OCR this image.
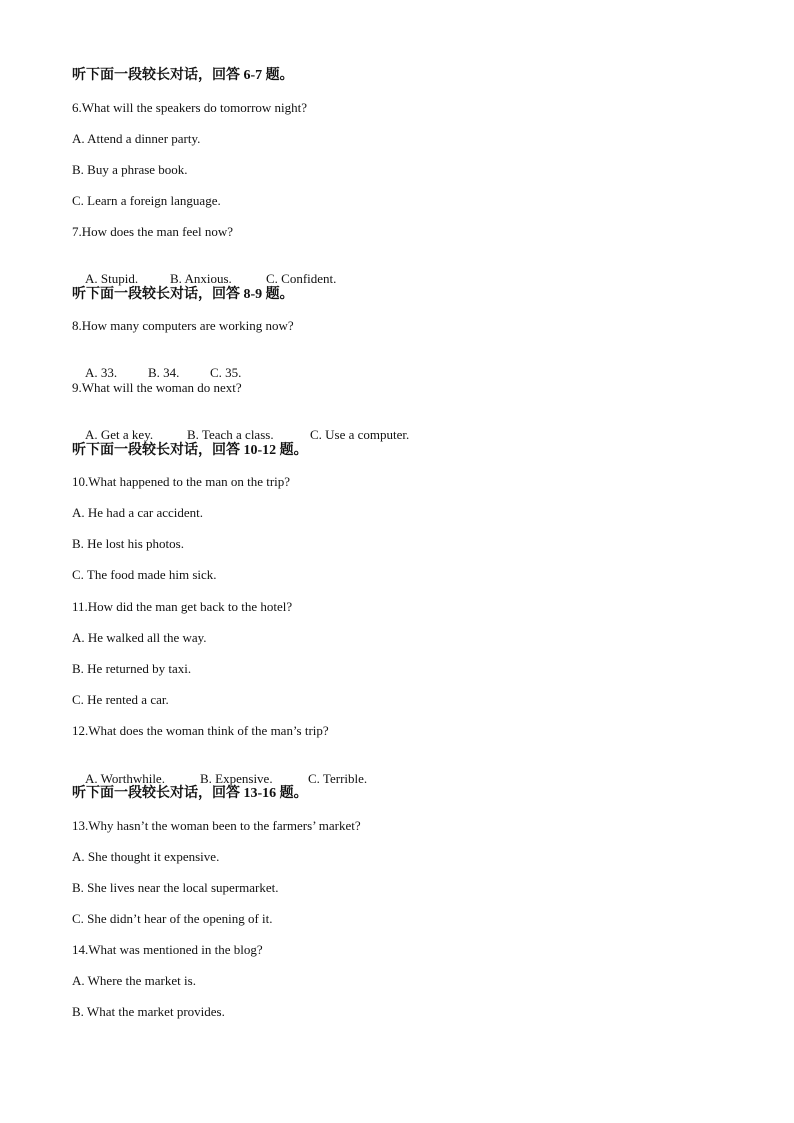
听下面一段较长对话，回答 6-7 题。
6.What will the speakers do tomorrow night?
A. Attend a dinner party.
B. Buy a phrase book.
C. Learn a foreign language.
7.How does the man feel now?

A. Stupid. B. Anxious.	C. Confident.

听下面一段较长对话，回答 8-9 题。
8.How many computers are working now?

A. 33. B. 34. C. 35.

9.What will the woman do next?

A. Get a key.	B. Teach a class.	C. Use a computer.

听下面一段较长对话，回答 10-12 题。
10.What happened to the man on the trip?
A. He had a car accident.
B. He lost his photos.
C. The food made him sick.
11.How did the man get back to the hotel?
A. He walked all the way.
B. He returned by taxi.
C. He rented a car.
12.What does the woman think of the man’s trip?

A. Worthwhile.	B. Expensive.	C. Terrible.

听下面一段较长对话，回答 13-16 题。
13.Why hasn’t the woman been to the farmers’ market?
A. She thought it expensive.
B. She lives near the local supermarket.
C. She didn’t hear of the opening of it.
14.What was mentioned in the blog?
A. Where the market is.
B. What the market provides.
